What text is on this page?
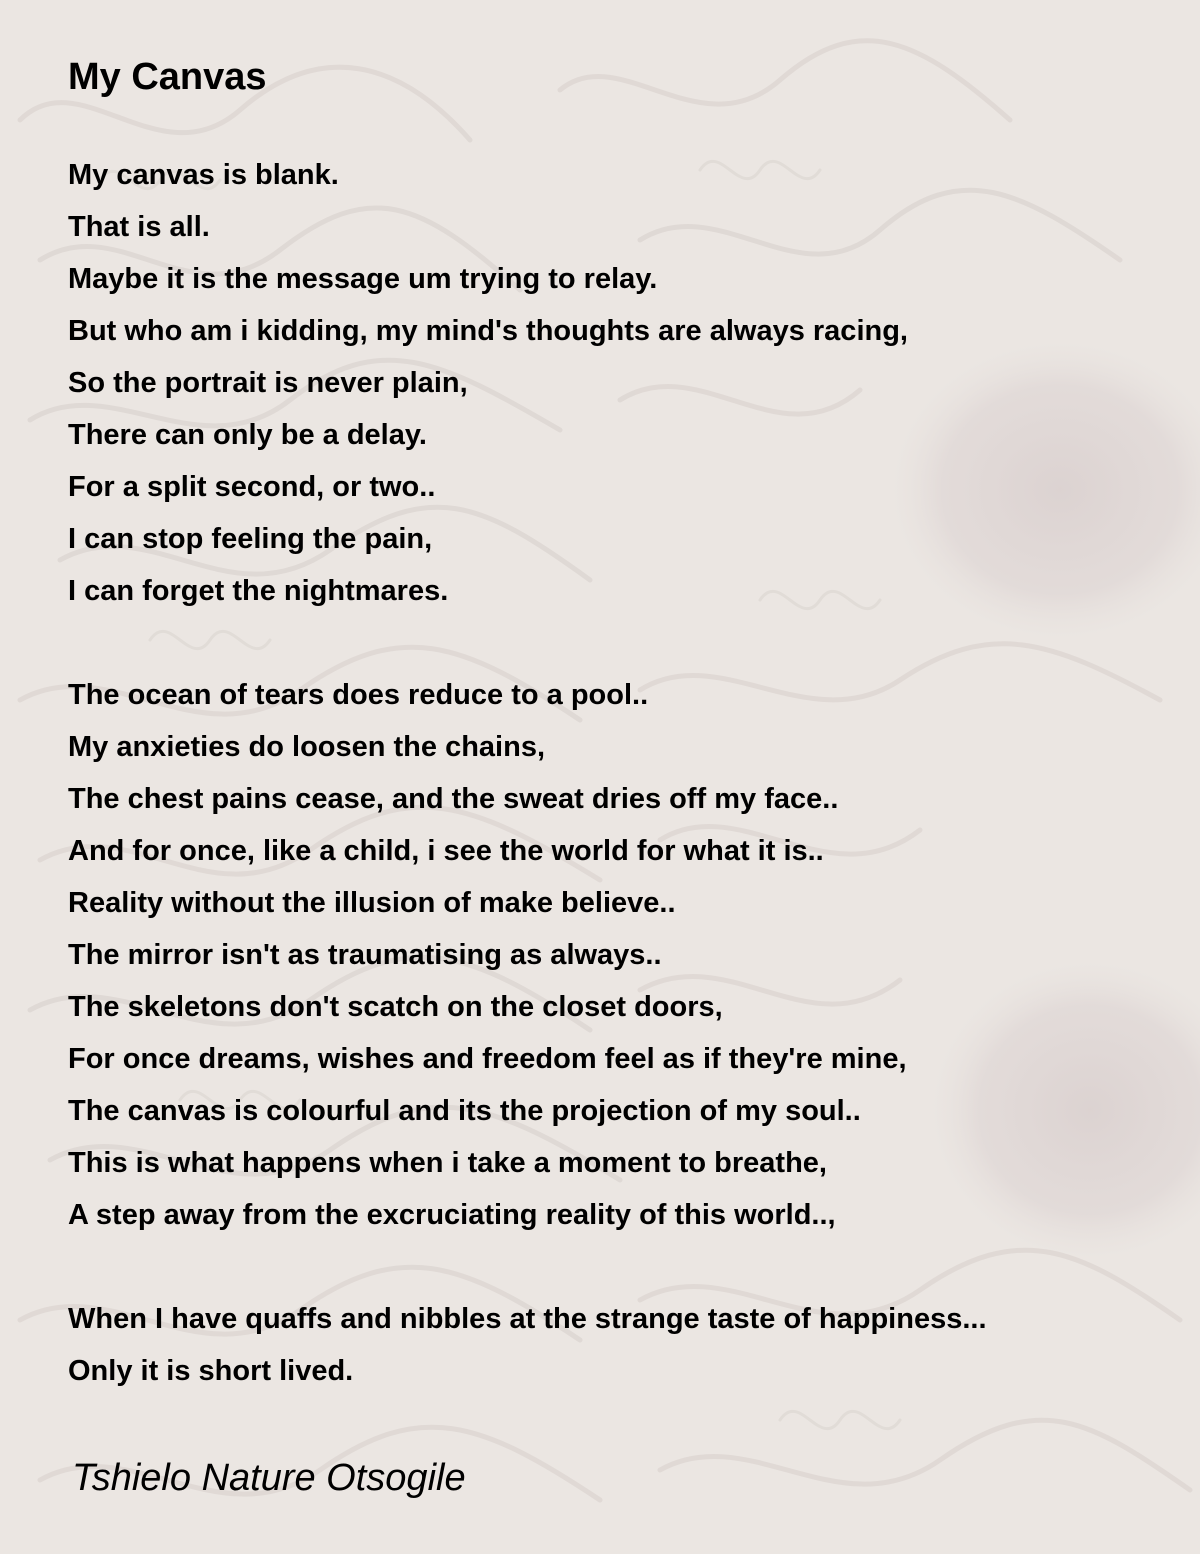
My Canvas
My canvas is blank.
That is all.
Maybe it is the message um trying to relay.
But who am i kidding, my mind's thoughts are always racing,
So the portrait is never plain,
There can only be a delay.
For a split second, or two..
I can stop feeling the pain,
I can forget the nightmares.
The ocean of tears does reduce to a pool..
My anxieties do loosen the chains,
The chest pains cease, and the sweat dries off my face..
And for once, like a child, i see the world for what it is..
Reality without the illusion of make believe..
The mirror isn't as traumatising as always..
The skeletons don't scatch on the closet doors,
For once dreams, wishes and freedom feel as if they're mine,
The canvas is colourful and its the projection of my soul..
This is what happens when i take a moment to breathe,
A step away from the excruciating reality of this world..,
When I have quaffs and nibbles at the strange taste of happiness...
Only it is short lived.

Tshielo Nature Otsogile
